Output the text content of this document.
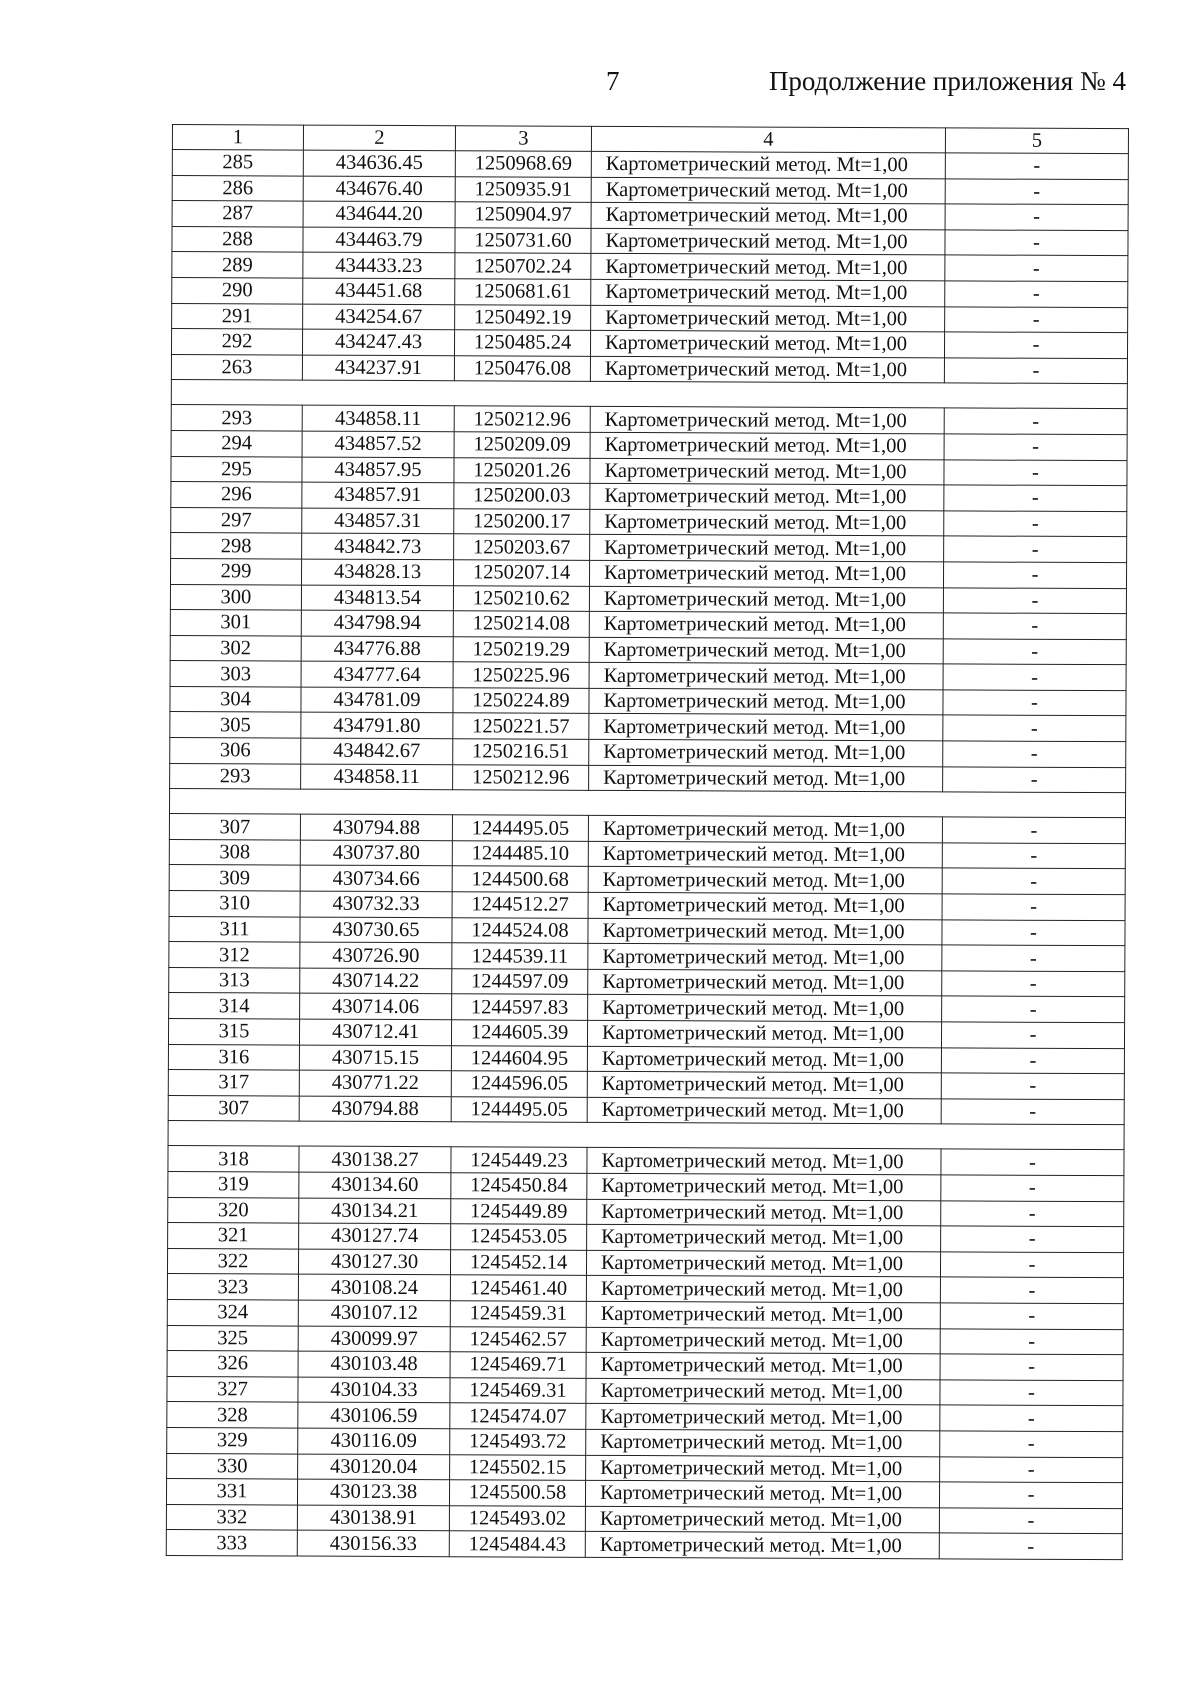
7	Продолжение приложения № 4
1	2	3	4	5
285	434636.45	1250968.69	Картометрический метод. Mt=1,00	-
286	434676.40	1250935.91	Картометрический метод. Mt=1,00	-
287	434644.20	1250904.97	Картометрический метод. Mt=1,00	-
288	434463.79	1250731.60	Картометрический метод. Mt=1,00	-
289	434433.23	1250702.24	Картометрический метод. Mt=1,00	-
290	434451.68	1250681.61	Картометрический метод. Mt=1,00	-
291	434254.67	1250492.19	Картометрический метод. Mt=1,00	-
292	434247.43	1250485.24	Картометрический метод. Mt=1,00	-
263	434237.91	1250476.08	Картометрический метод. Mt=1,00	-

293	434858.11	1250212.96	Картометрический метод. Mt=1,00	-
294	434857.52	1250209.09	Картометрический метод. Mt=1,00	-
295	434857.95	1250201.26	Картометрический метод. Mt=1,00	-
296	434857.91	1250200.03	Картометрический метод. Mt=1,00	-
297	434857.31	1250200.17	Картометрический метод. Mt=1,00	-
298	434842.73	1250203.67	Картометрический метод. Mt=1,00	-
299	434828.13	1250207.14	Картометрический метод. Mt=1,00	-
300	434813.54	1250210.62	Картометрический метод. Mt=1,00	-
301	434798.94	1250214.08	Картометрический метод. Mt=1,00	-
302	434776.88	1250219.29	Картометрический метод. Mt=1,00	-
303	434777.64	1250225.96	Картометрический метод. Mt=1,00	-
304	434781.09	1250224.89	Картометрический метод. Mt=1,00	-
305	434791.80	1250221.57	Картометрический метод. Mt=1,00	-
306	434842.67	1250216.51	Картометрический метод. Mt=1,00	-
293	434858.11	1250212.96	Картометрический метод. Mt=1,00	-

307	430794.88	1244495.05	Картометрический метод. Mt=1,00	-
308	430737.80	1244485.10	Картометрический метод. Mt=1,00	-
309	430734.66	1244500.68	Картометрический метод. Mt=1,00	-
310	430732.33	1244512.27	Картометрический метод. Mt=1,00	-
311	430730.65	1244524.08	Картометрический метод. Mt=1,00	-
312	430726.90	1244539.11	Картометрический метод. Mt=1,00	-
313	430714.22	1244597.09	Картометрический метод. Mt=1,00	-
314	430714.06	1244597.83	Картометрический метод. Mt=1,00	-
315	430712.41	1244605.39	Картометрический метод. Mt=1,00	-
316	430715.15	1244604.95	Картометрический метод. Mt=1,00	-
317	430771.22	1244596.05	Картометрический метод. Mt=1,00	-
307	430794.88	1244495.05	Картометрический метод. Mt=1,00	-

318	430138.27	1245449.23	Картометрический метод. Mt=1,00	-
319	430134.60	1245450.84	Картометрический метод. Mt=1,00	-
320	430134.21	1245449.89	Картометрический метод. Mt=1,00	-
321	430127.74	1245453.05	Картометрический метод. Mt=1,00	-
322	430127.30	1245452.14	Картометрический метод. Mt=1,00	-
323	430108.24	1245461.40	Картометрический метод. Mt=1,00	-
324	430107.12	1245459.31	Картометрический метод. Mt=1,00	-
325	430099.97	1245462.57	Картометрический метод. Mt=1,00	-
326	430103.48	1245469.71	Картометрический метод. Mt=1,00	-
327	430104.33	1245469.31	Картометрический метод. Mt=1,00	-
328	430106.59	1245474.07	Картометрический метод. Mt=1,00	-
329	430116.09	1245493.72	Картометрический метод. Mt=1,00	-
330	430120.04	1245502.15	Картометрический метод. Mt=1,00	-
331	430123.38	1245500.58	Картометрический метод. Mt=1,00	-
332	430138.91	1245493.02	Картометрический метод. Mt=1,00	-
333	430156.33	1245484.43	Картометрический метод. Mt=1,00	-
